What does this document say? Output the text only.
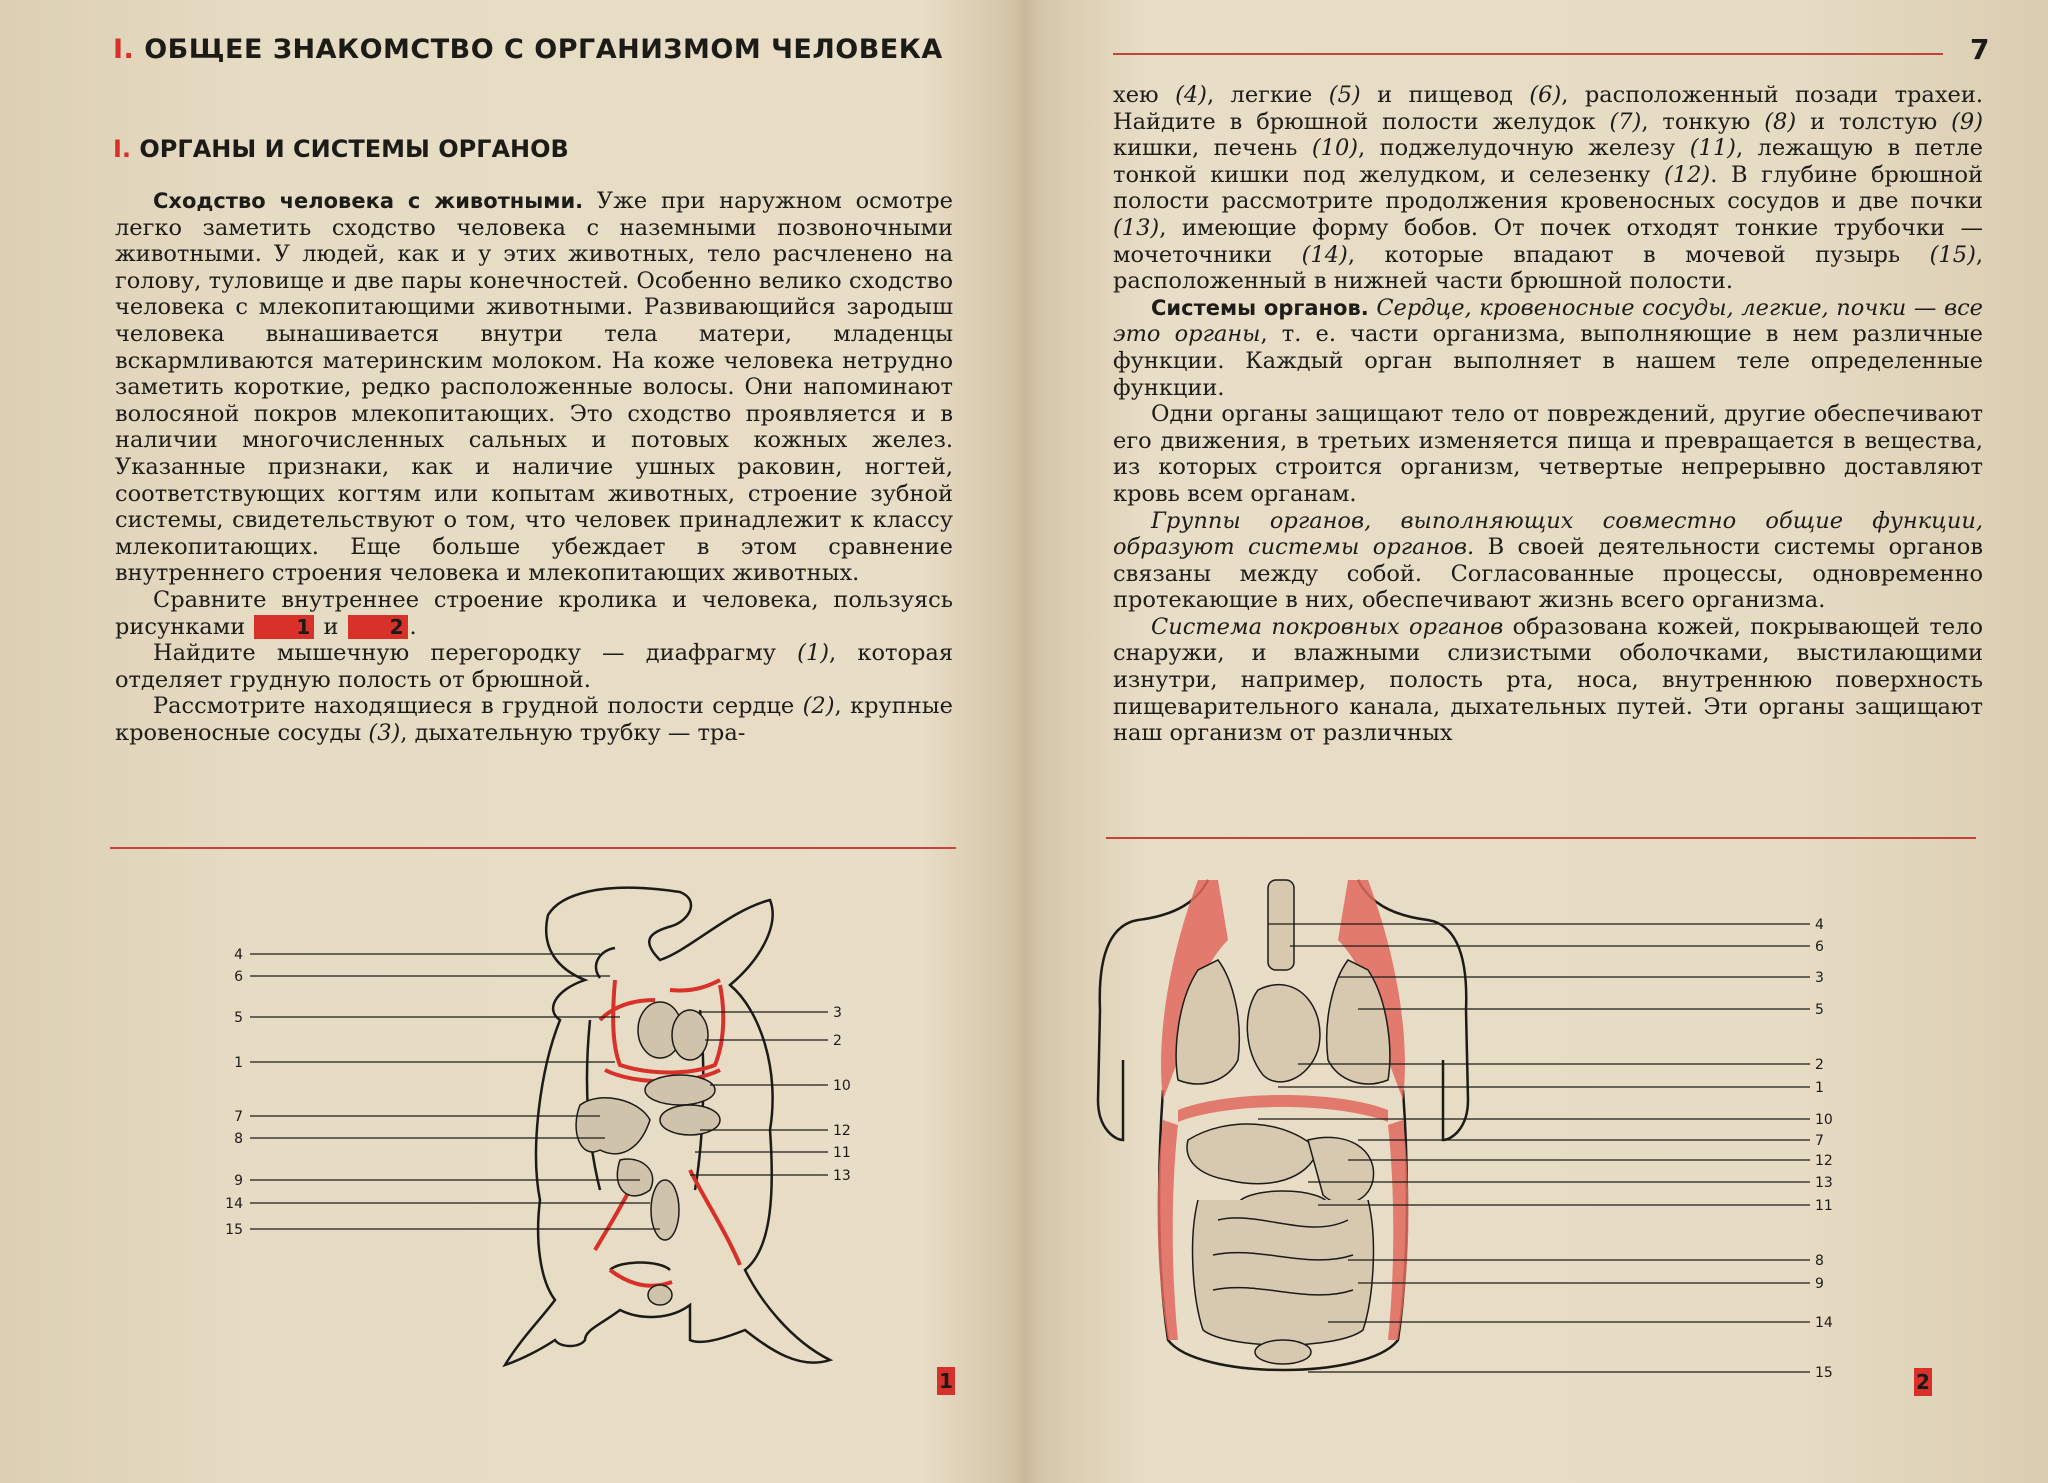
I. ОБЩЕЕ ЗНАКОМСТВО С ОРГАНИЗМОМ ЧЕЛОВЕКА
I. ОРГАНЫ И СИСТЕМЫ ОРГАНОВ

Сходство человека с животными. Уже при наружном осмотре легко заметить сходство человека с наземными позвоночными животными. У людей, как и у этих животных, тело расчленено на голову, туловище и две пары конечностей. Особенно велико сходство человека с млекопитающими животными. Развивающийся зародыш человека вынашивается внутри тела матери, младенцы вскармливаются материнским молоком. На коже человека нетрудно заметить короткие, редко расположенные волосы. Они напоминают волосяной покров млекопитающих. Это сходство проявляется и в наличии многочисленных сальных и потовых кожных желез. Указанные признаки, как и наличие ушных раковин, ногтей, соответствующих когтям или копытам животных, строение зубной системы, свидетельствуют о том, что человек принадлежит к классу млекопитающих. Еще больше убеждает в этом сравнение внутреннего строения человека и млекопитающих животных.

Сравните внутреннее строение кролика и человека, пользуясь рисунками 1 и 2 .

Найдите мышечную перегородку — диафрагму (1), которая отделяет грудную полость от брюшной.

Рассмотрите находящиеся в грудной полости сердце (2), крупные кровеносные сосуды (3), дыхательную трубку — тра-

4
6
5
1
7
8
9
14
15
3
2
10
12
11
13
1
7

хею (4), легкие (5) и пищевод (6), расположенный позади трахеи. Найдите в брюшной полости желудок (7), тонкую (8) и толстую (9) кишки, печень (10), поджелудочную железу (11), лежащую в петле тонкой кишки под желудком, и селезенку (12). В глубине брюшной полости рассмотрите продолжения кровеносных сосудов и две почки (13), имеющие форму бобов. От почек отходят тонкие трубочки — мочеточники (14), которые впадают в мочевой пузырь (15), расположенный в нижней части брюшной полости.

Системы органов. Сердце, кровеносные сосуды, легкие, почки — все это органы, т. е. части организма, выполняющие в нем различные функции. Каждый орган выполняет в нашем теле определенные функции.

Одни органы защищают тело от повреждений, другие обеспечивают его движения, в третьих изменяется пища и превращается в вещества, из которых строится организм, четвертые непрерывно доставляют кровь всем органам.

Группы органов, выполняющих совместно общие функции, образуют системы органов. В своей деятельности системы органов связаны между собой. Согласованные процессы, одновременно протекающие в них, обеспечивают жизнь всего организма.

Система покровных органов образована кожей, покрывающей тело снаружи, и влажными слизистыми оболочками, выстилающими изнутри, например, полость рта, носа, внутреннюю поверхность пищеварительного канала, дыхательных путей. Эти органы защищают наш организм от различных

4
6
3
5
2
1
10
7
12
13
11
8
9
14
15	2
